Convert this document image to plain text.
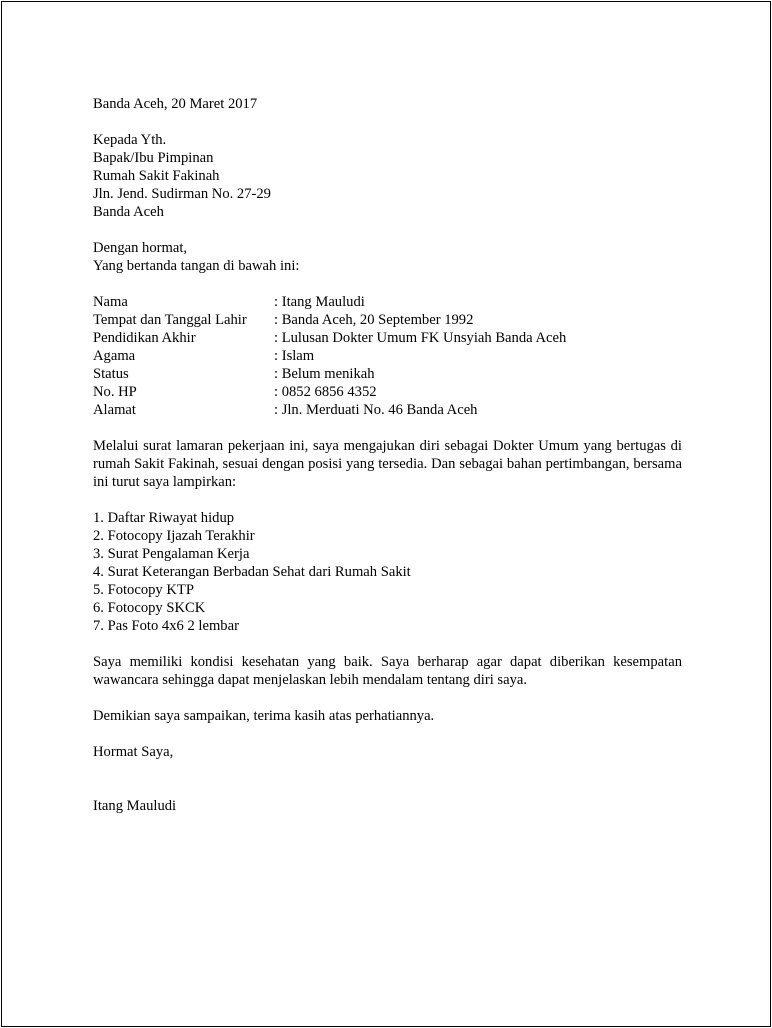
Banda Aceh, 20 Maret 2017
Kepada Yth.
Bapak/Ibu Pimpinan
Rumah Sakit Fakinah
Jln. Jend. Sudirman No. 27-29
Banda Aceh
Dengan hormat,
Yang bertanda tangan di bawah ini:
Nama	: Itang Mauludi
Tempat dan Tanggal Lahir	: Banda Aceh, 20 September 1992
Pendidikan Akhir	: Lulusan Dokter Umum FK Unsyiah Banda Aceh
Agama	: Islam
Status	: Belum menikah
No. HP	: 0852 6856 4352
Alamat	: Jln. Merduati No. 46 Banda Aceh

Melalui surat lamaran pekerjaan ini, saya mengajukan diri sebagai Dokter Umum yang bertugas di rumah Sakit Fakinah, sesuai dengan posisi yang tersedia. Dan sebagai bahan pertimbangan, bersama ini turut saya lampirkan:

1. Daftar Riwayat hidup
2. Fotocopy Ijazah Terakhir
3. Surat Pengalaman Kerja
4. Surat Keterangan Berbadan Sehat dari Rumah Sakit
5. Fotocopy KTP
6. Fotocopy SKCK
7. Pas Foto 4x6 2 lembar

Saya memiliki kondisi kesehatan yang baik. Saya berharap agar dapat diberikan kesempatan wawancara sehingga dapat menjelaskan lebih mendalam tentang diri saya.

Demikian saya sampaikan, terima kasih atas perhatiannya.
Hormat Saya,
Itang Mauludi
